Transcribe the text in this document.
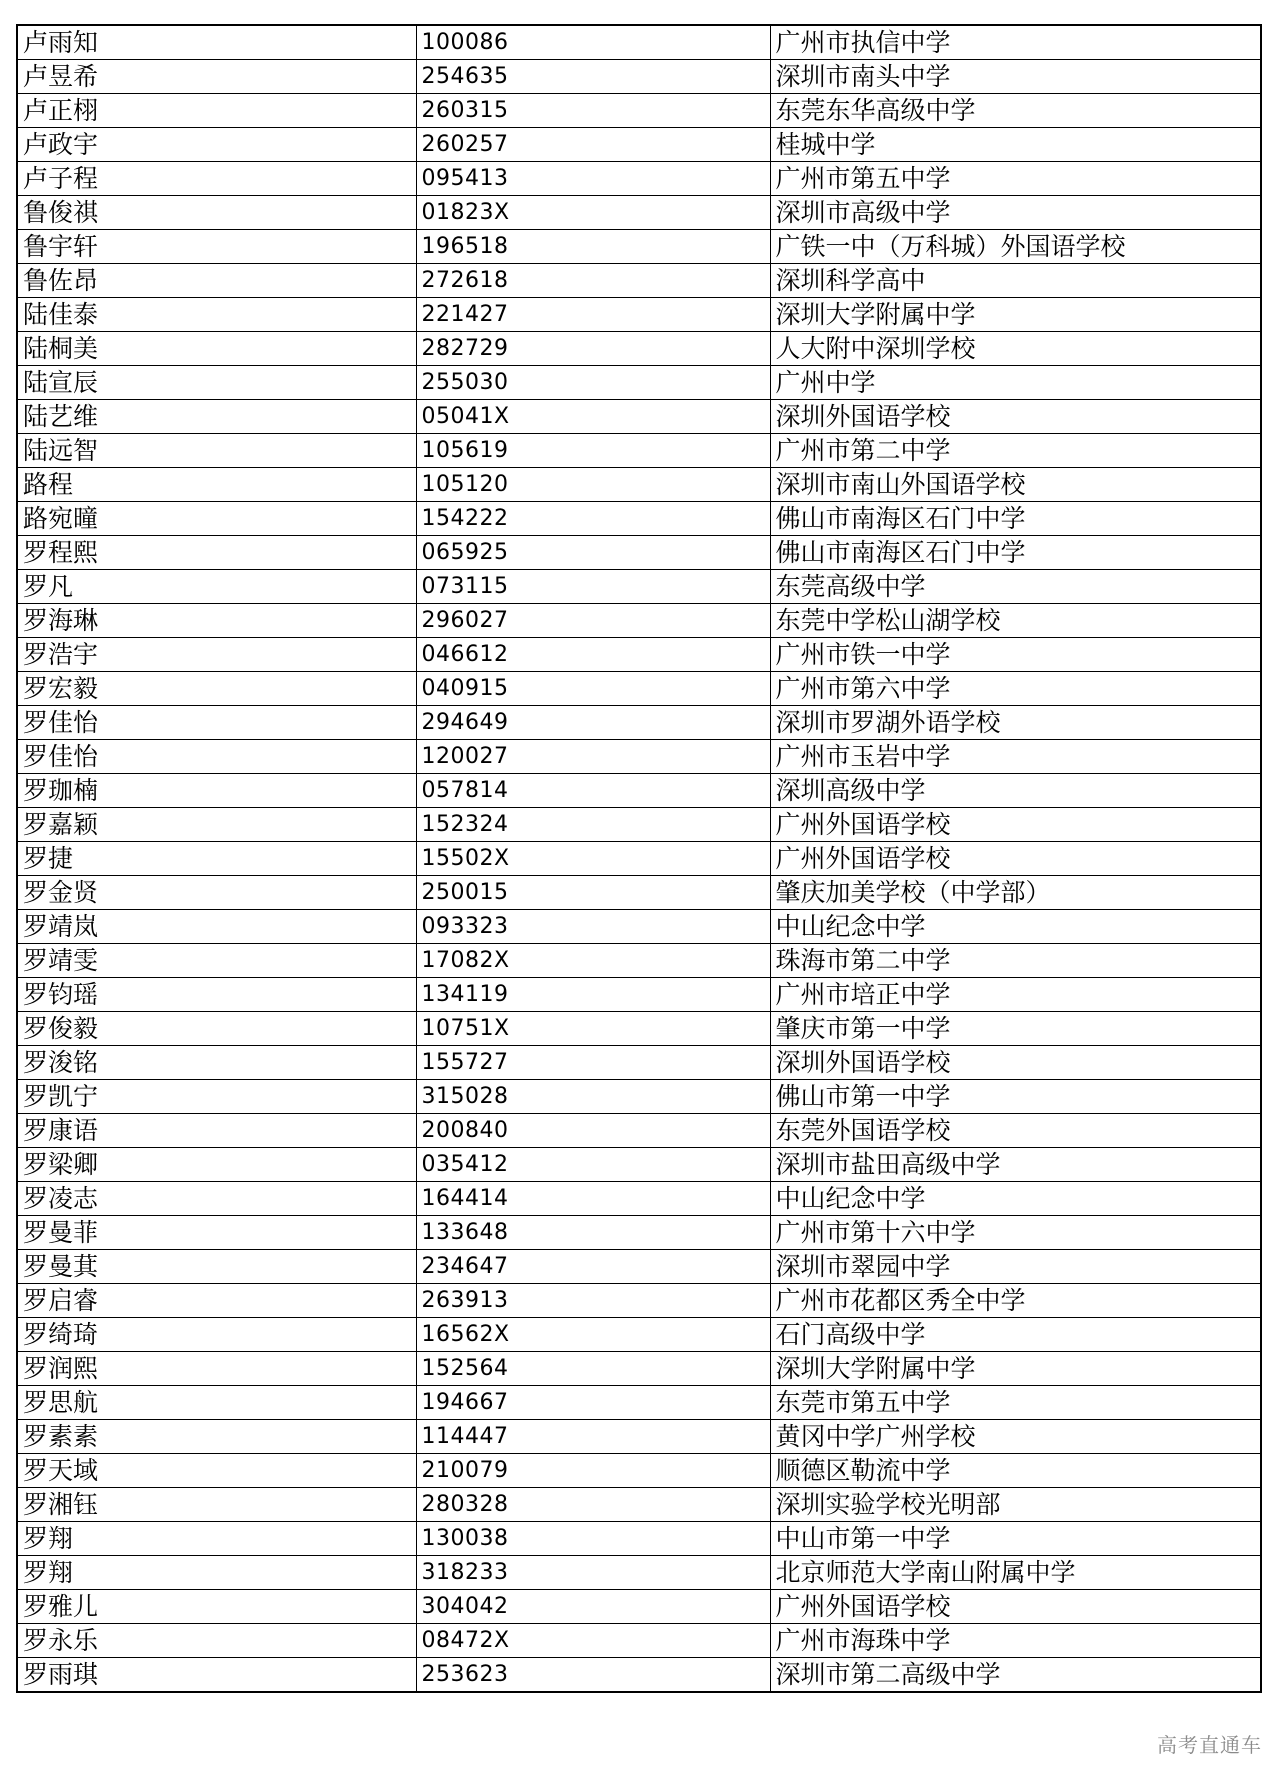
卢雨知	100086	广州市执信中学
卢昱希	254635	深圳市南头中学
卢正栩	260315	东莞东华高级中学
卢政宇	260257	桂城中学
卢子程	095413	广州市第五中学
鲁俊祺	01823X	深圳市高级中学
鲁宇轩	196518	广铁一中（万科城）外国语学校
鲁佐昂	272618	深圳科学高中
陆佳泰	221427	深圳大学附属中学
陆桐美	282729	人大附中深圳学校
陆宣辰	255030	广州中学
陆艺维	05041X	深圳外国语学校
陆远智	105619	广州市第二中学
路程	105120	深圳市南山外国语学校
路宛曈	154222	佛山市南海区石门中学
罗程熙	065925	佛山市南海区石门中学
罗凡	073115	东莞高级中学
罗海琳	296027	东莞中学松山湖学校
罗浩宇	046612	广州市铁一中学
罗宏毅	040915	广州市第六中学
罗佳怡	294649	深圳市罗湖外语学校
罗佳怡	120027	广州市玉岩中学
罗珈楠	057814	深圳高级中学
罗嘉颖	152324	广州外国语学校
罗捷	15502X	广州外国语学校
罗金贤	250015	肇庆加美学校（中学部）
罗靖岚	093323	中山纪念中学
罗靖雯	17082X	珠海市第二中学
罗钧瑶	134119	广州市培正中学
罗俊毅	10751X	肇庆市第一中学
罗浚铭	155727	深圳外国语学校
罗凯宁	315028	佛山市第一中学
罗康语	200840	东莞外国语学校
罗梁卿	035412	深圳市盐田高级中学
罗凌志	164414	中山纪念中学
罗曼菲	133648	广州市第十六中学
罗曼萁	234647	深圳市翠园中学
罗启睿	263913	广州市花都区秀全中学
罗绮琦	16562X	石门高级中学
罗润熙	152564	深圳大学附属中学
罗思航	194667	东莞市第五中学
罗素素	114447	黄冈中学广州学校
罗天域	210079	顺德区勒流中学
罗湘钰	280328	深圳实验学校光明部
罗翔	130038	中山市第一中学
罗翔	318233	北京师范大学南山附属中学
罗雅儿	304042	广州外国语学校
罗永乐	08472X	广州市海珠中学
罗雨琪	253623	深圳市第二高级中学
高考直通车
